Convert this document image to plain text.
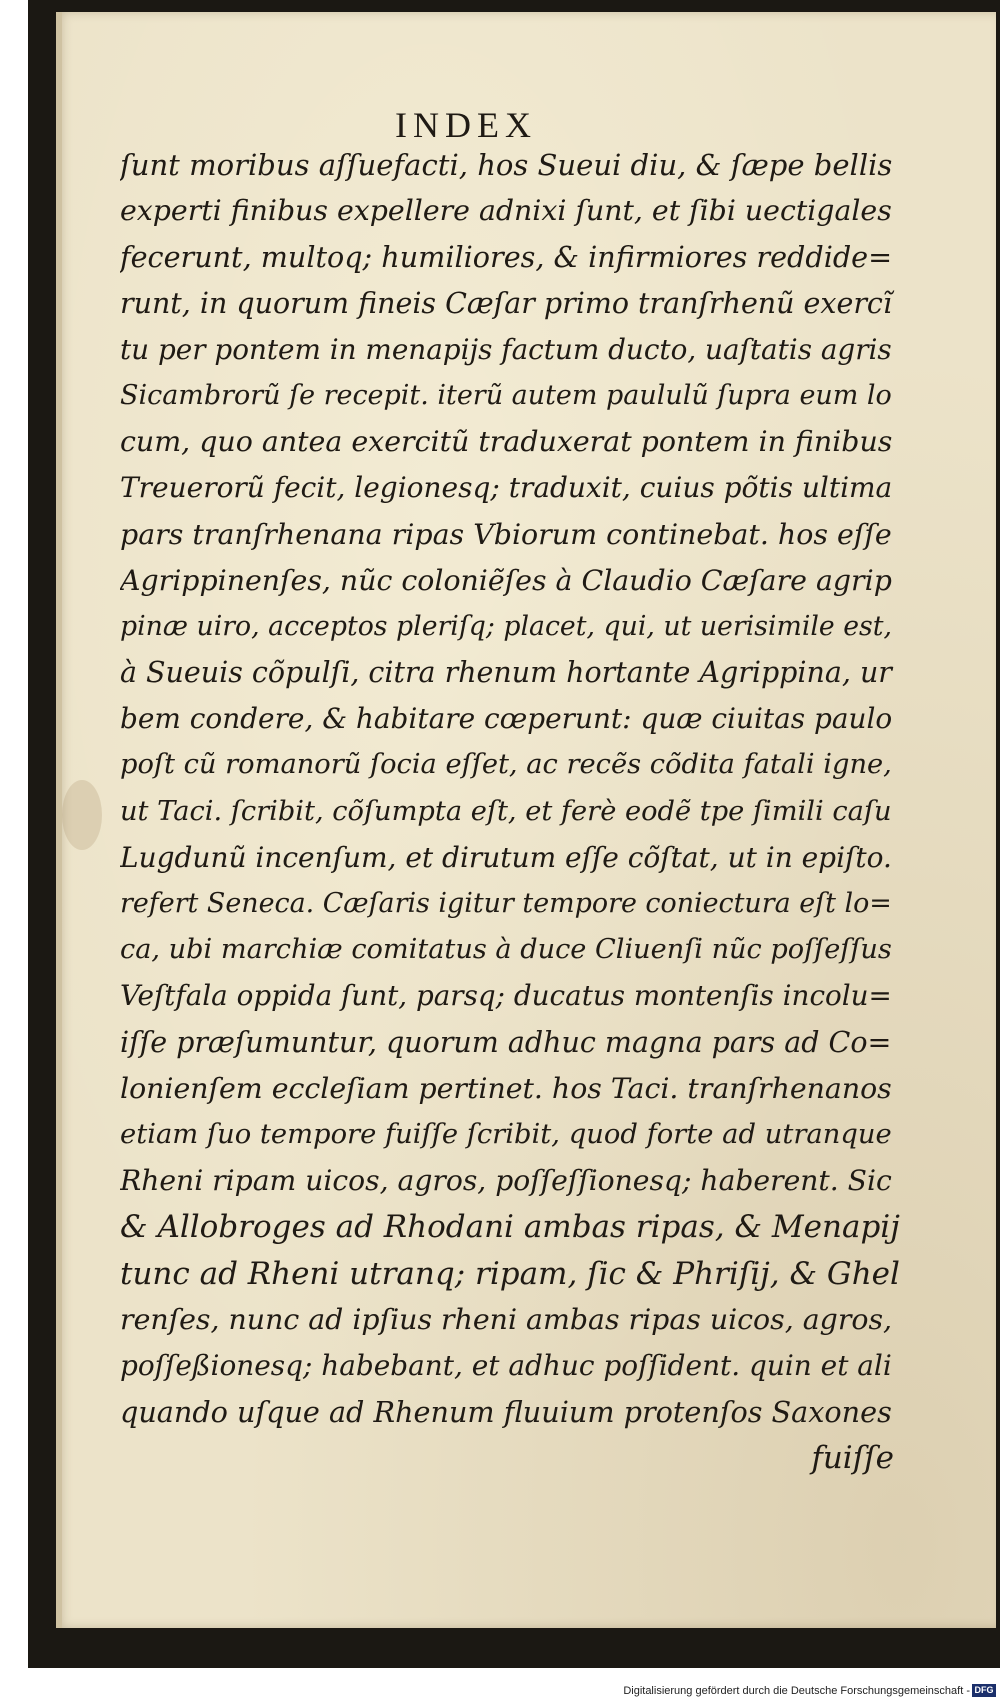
INDEX
ſunt moribus aſſuefacti, hos Sueui diu, & ſæpe bellis
experti finibus expellere adnixi ſunt, et ſibi uectigales
fecerunt, multoq; humiliores, & infirmiores reddide=
runt, in quorum fineis Cæſar primo tranſrhenũ exercĩ
tu per pontem in menapijs factum ducto, uaſtatis agris
Sicambrorũ ſe recepit. iterũ autem paululũ ſupra eum lo
cum, quo antea exercitũ traduxerat pontem in finibus
Treuerorũ fecit, legionesq; traduxit, cuius põtis ultima
pars tranſrhenana ripas Vbiorum continebat. hos eſſe
Agrippinenſes, nũc coloniẽſes à Claudio Cæſare agrip
pinæ uiro, acceptos pleriſq; placet, qui, ut uerisimile est,
à Sueuis cõpulſi, citra rhenum hortante Agrippina, ur
bem condere, & habitare cœperunt: quæ ciuitas paulo
poſt cũ romanorũ ſocia eſſet, ac recẽs cõdita fatali igne,
ut Taci. ſcribit, cõſumpta eſt, et ferè eodẽ tpe ſimili caſu
Lugdunũ incenſum, et dirutum eſſe cõſtat, ut in epiſto.
refert Seneca. Cæſaris igitur tempore coniectura eſt lo=
ca, ubi marchiæ comitatus à duce Cliuenſi nũc poſſeſſus
Veſtfala oppida ſunt, parsq; ducatus montenſis incolu=
iſſe præſumuntur, quorum adhuc magna pars ad Co=
lonienſem eccleſiam pertinet. hos Taci. tranſrhenanos
etiam ſuo tempore fuiſſe ſcribit, quod forte ad utranque
Rheni ripam uicos, agros, poſſeſſionesq; haberent. Sic
& Allobroges ad Rhodani ambas ripas, & Menapij
tunc ad Rheni utranq; ripam, ſic & Phriſij, & Ghel
renſes, nunc ad ipſius rheni ambas ripas uicos, agros,
poſſeßionesq; habebant, et adhuc poſſident. quin et ali
quando uſque ad Rhenum fluuium protenſos Saxones
fuiſſe
Digitalisierung gefördert durch die Deutsche Forschungsgemeinschaft - DFG
